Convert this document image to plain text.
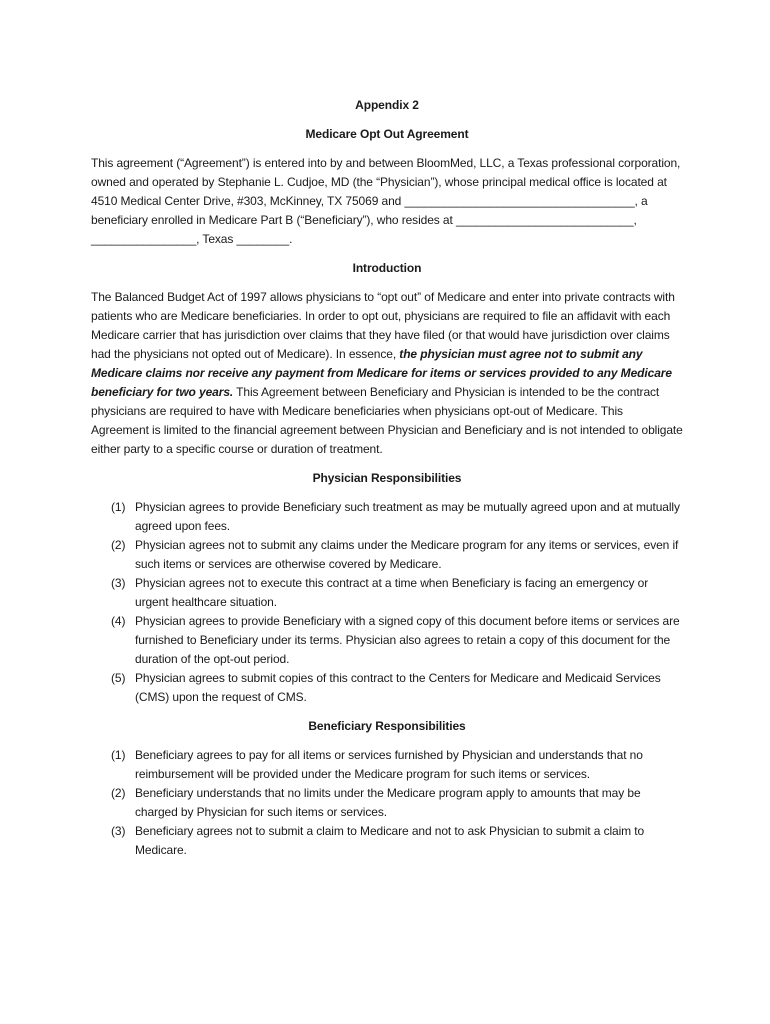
Appendix 2

Medicare Opt Out Agreement

This agreement (“Agreement”) is entered into by and between BloomMed, LLC, a Texas professional corporation, owned and operated by Stephanie L. Cudjoe, MD (the “Physician”), whose principal medical office is located at 4510 Medical Center Drive, #303, McKinney, TX 75069 and ___________________________________, a beneficiary enrolled in Medicare Part B (“Beneficiary”), who resides at ___________________________, ________________, Texas ________.

Introduction

The Balanced Budget Act of 1997 allows physicians to “opt out” of Medicare and enter into private contracts with patients who are Medicare beneficiaries. In order to opt out, physicians are required to file an affidavit with each Medicare carrier that has jurisdiction over claims that they have filed (or that would have jurisdiction over claims had the physicians not opted out of Medicare). In essence, the physician must agree not to submit any Medicare claims nor receive any payment from Medicare for items or services provided to any Medicare beneficiary for two years. This Agreement between Beneficiary and Physician is intended to be the contract physicians are required to have with Medicare beneficiaries when physicians opt-out of Medicare. This Agreement is limited to the financial agreement between Physician and Beneficiary and is not intended to obligate either party to a specific course or duration of treatment.

Physician Responsibilities

(1) Physician agrees to provide Beneficiary such treatment as may be mutually agreed upon and at mutually agreed upon fees.
(2) Physician agrees not to submit any claims under the Medicare program for any items or services, even if such items or services are otherwise covered by Medicare.
(3) Physician agrees not to execute this contract at a time when Beneficiary is facing an emergency or urgent healthcare situation.
(4) Physician agrees to provide Beneficiary with a signed copy of this document before items or services are furnished to Beneficiary under its terms. Physician also agrees to retain a copy of this document for the duration of the opt-out period.
(5) Physician agrees to submit copies of this contract to the Centers for Medicare and Medicaid Services (CMS) upon the request of CMS.

Beneficiary Responsibilities

(1) Beneficiary agrees to pay for all items or services furnished by Physician and understands that no reimbursement will be provided under the Medicare program for such items or services.
(2) Beneficiary understands that no limits under the Medicare program apply to amounts that may be charged by Physician for such items or services.
(3) Beneficiary agrees not to submit a claim to Medicare and not to ask Physician to submit a claim to Medicare.
